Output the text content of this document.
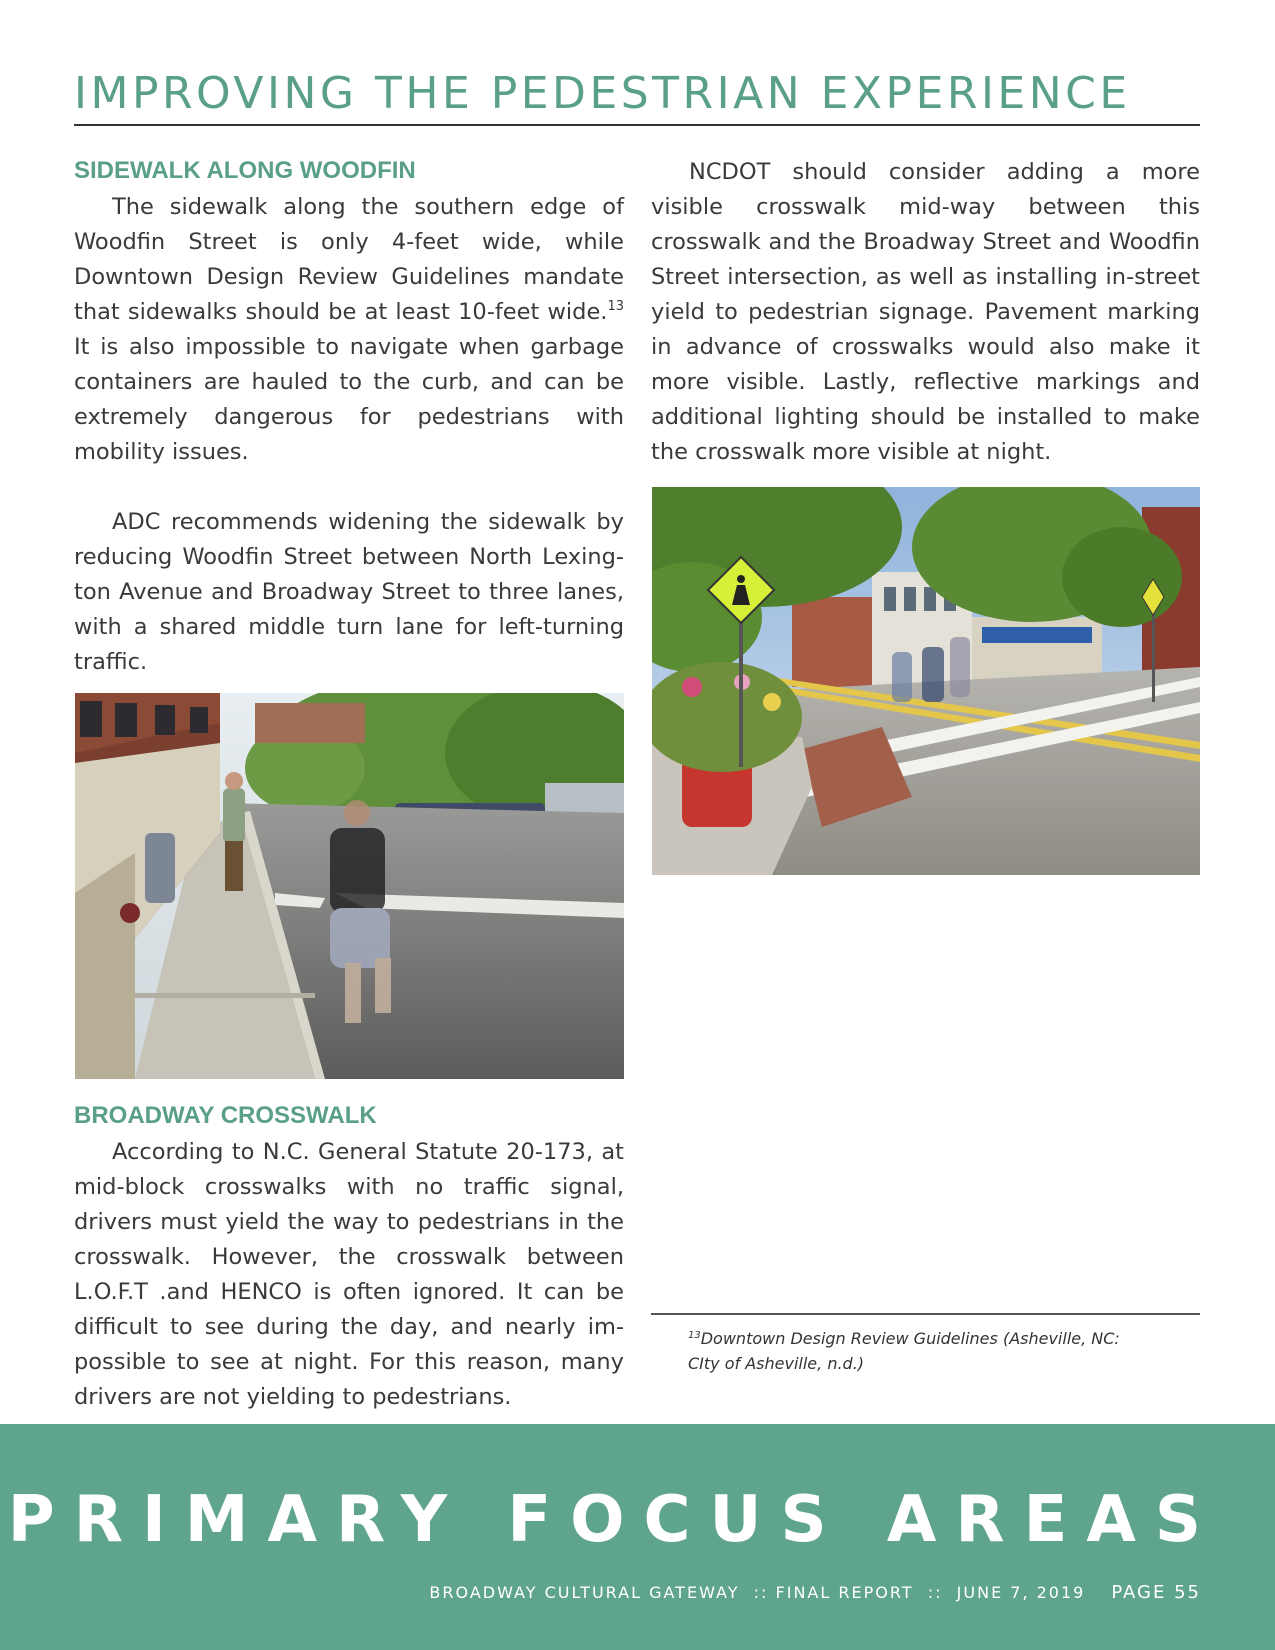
IMPROVING THE PEDESTRIAN EXPERIENCE
SIDEWALK ALONG WOODFIN

The sidewalk along the southern edge of Woodfin Street is only 4-feet wide, while Downtown Design Review Guidelines mandate that sidewalks should be at least 10-feet wide.$^{13}$ It is also impossible to navigate when garbage containers are hauled to the curb, and can be extremely dangerous for pedestrians with mobility issues.

ADC recommends widening the sidewalk by reducing Woodfin Street between North Lexington Avenue and Broadway Street to three lanes, with a shared middle turn lane for left-turning traffic.

BROADWAY CROSSWALK

According to N.C. General Statute 20-173, at mid-block crosswalks with no traffic signal, drivers must yield the way to pedestrians in the crosswalk. However, the crosswalk between L.O.F.T .and HENCO is often ignored. It can be difficult to see during the day, and nearly impossible to see at night. For this reason, many drivers are not yielding to pedestrians.

NCDOT should consider adding a more visible crosswalk mid-way between this crosswalk and the Broadway Street and Woodfin Street intersection, as well as installing in-street yield to pedestrian signage. Pavement marking in advance of crosswalks would also make it more visible. Lastly, reflective markings and additional lighting should be installed to make the crosswalk more visible at night.

$^{13}$Downtown Design Review Guidelines (Asheville, NC: CIty of Asheville, n.d.)
PRIMARY FOCUS AREAS
BROADWAY CULTURAL GATEWAY  :: FINAL REPORT  ::  JUNE 7, 2019 PAGE 55
